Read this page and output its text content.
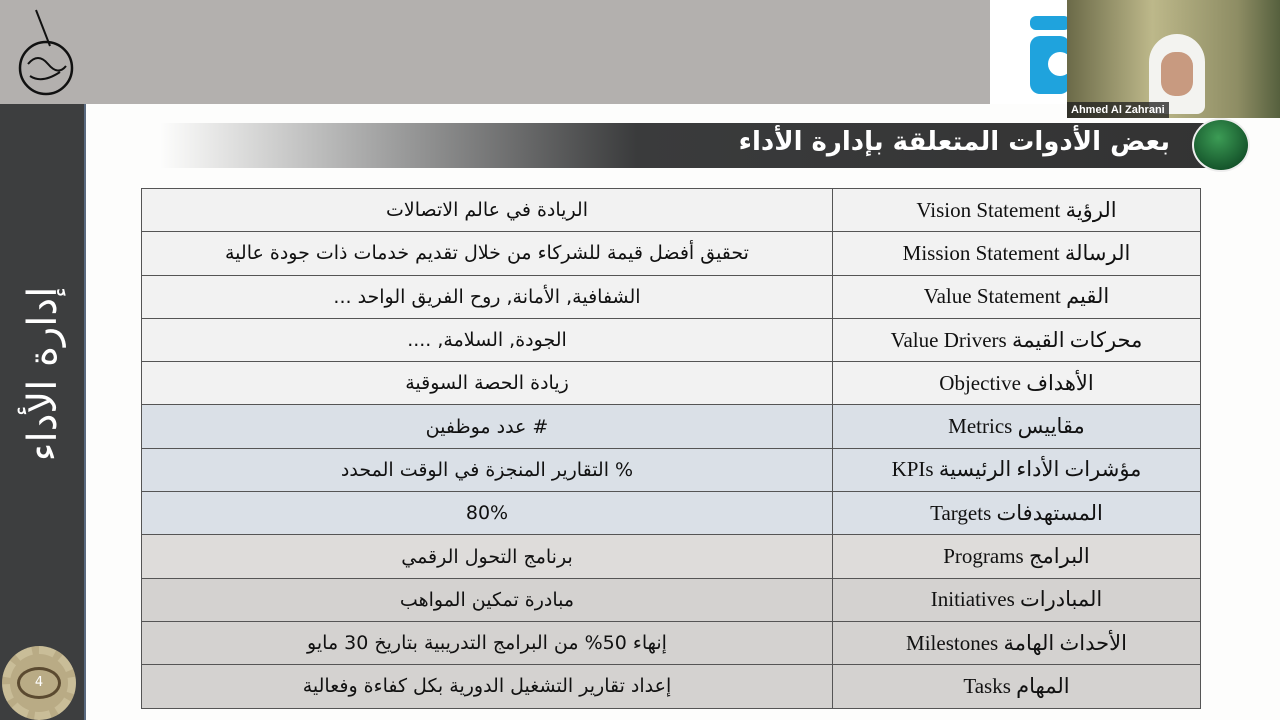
Ahmed Al Zahrani
إدارة الأداء
4
بعض الأدوات المتعلقة بإدارة الأداء
الريادة في عالم الاتصالات	الرؤية Vision Statement
تحقيق أفضل قيمة للشركاء من خلال تقديم خدمات ذات جودة عالية	الرسالة Mission Statement
الشفافية, الأمانة, روح الفريق الواحد ...	القيم Value Statement
الجودة, السلامة, ....	محركات القيمة Value Drivers
زيادة الحصة السوقية	الأهداف Objective
# عدد موظفين	مقاييس Metrics
% التقارير المنجزة في الوقت المحدد	مؤشرات الأداء الرئيسية KPIs
80%	المستهدفات Targets
برنامج التحول الرقمي	البرامج Programs
مبادرة تمكين المواهب	المبادرات Initiatives
إنهاء 50% من البرامج التدريبية بتاريخ 30 مايو	الأحداث الهامة Milestones
إعداد تقارير التشغيل الدورية بكل كفاءة وفعالية	المهام Tasks
